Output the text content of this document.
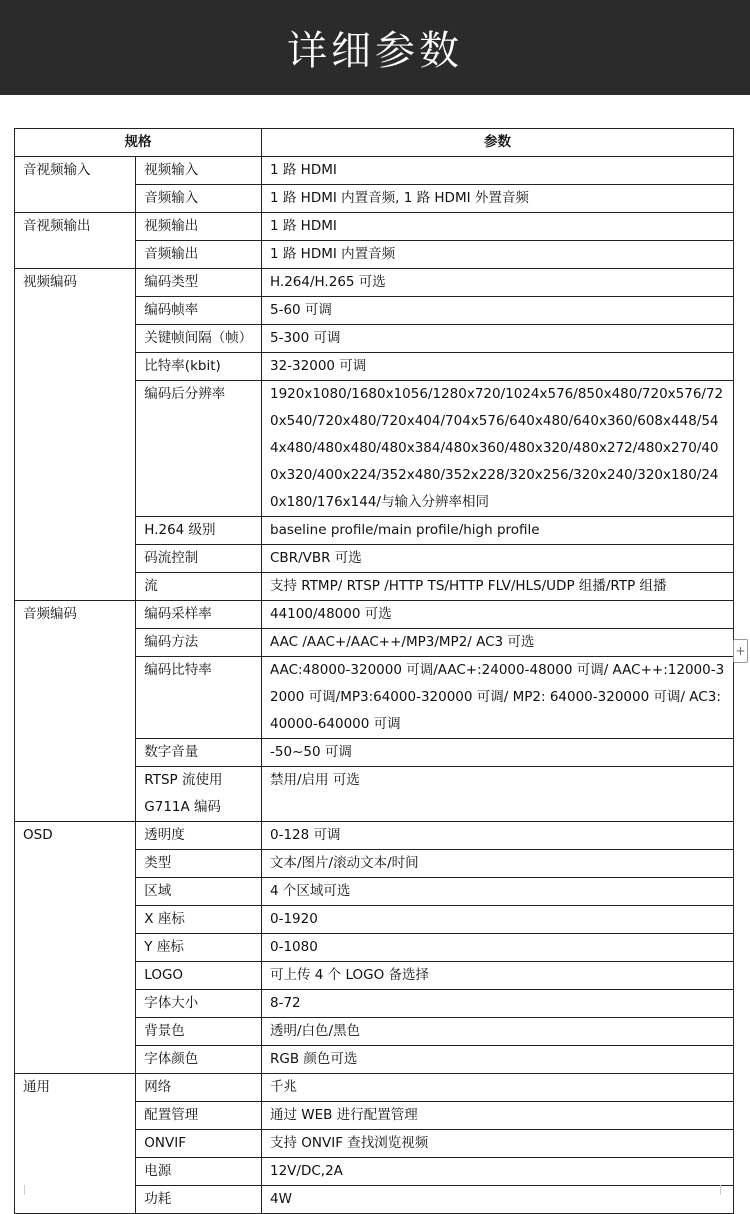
详细参数
规格		参数
音视频输入	视频输入	1 路 HDMI
	音频输入	1 路 HDMI 内置音频, 1 路 HDMI 外置音频
音视频输出	视频输出	1 路 HDMI
	音频输出	1 路 HDMI 内置音频
视频编码	编码类型	H.264/H.265 可选
	编码帧率	5-60 可调
	关键帧间隔（帧）	5-300 可调
	比特率(kbit)	32-32000 可调
	编码后分辨率	1920x1080/1680x1056/1280x720/1024x576/850x480/720x576/720x540/720x480/720x404/704x576/640x480/640x360/608x448/544x480/480x480/480x384/480x360/480x320/480x272/480x270/400x320/400x224/352x480/352x228/320x256/320x240/320x180/240x180/176x144/与输入分辨率相同
	H.264 级别	baseline profile/main profile/high profile
	码流控制	CBR/VBR 可选
	流	支持 RTMP/ RTSP /HTTP TS/HTTP FLV/HLS/UDP 组播/RTP 组播
音频编码	编码采样率	44100/48000 可选
	编码方法	AAC /AAC+/AAC++/MP3/MP2/ AC3 可选
	编码比特率	AAC:48000-320000 可调/AAC+:24000-48000 可调/ AAC++:12000-32000 可调/MP3:64000-320000 可调/ MP2: 64000-320000 可调/ AC3:40000-640000 可调
	数字音量	-50~50 可调
	RTSP 流使用 G711A 编码	禁用/启用 可选
OSD	透明度	0-128 可调
	类型	文本/图片/滚动文本/时间
	区域	4 个区域可选
	X 座标	0-1920
	Y 座标	0-1080
	LOGO	可上传 4 个 LOGO 备选择
	字体大小	8-72
	背景色	透明/白色/黑色
	字体颜色	RGB 颜色可选
通用	网络	千兆
	配置管理	通过 WEB 进行配置管理
	ONVIF	支持 ONVIF 查找浏览视频
	电源	12V/DC,2A
	功耗	4W
+
